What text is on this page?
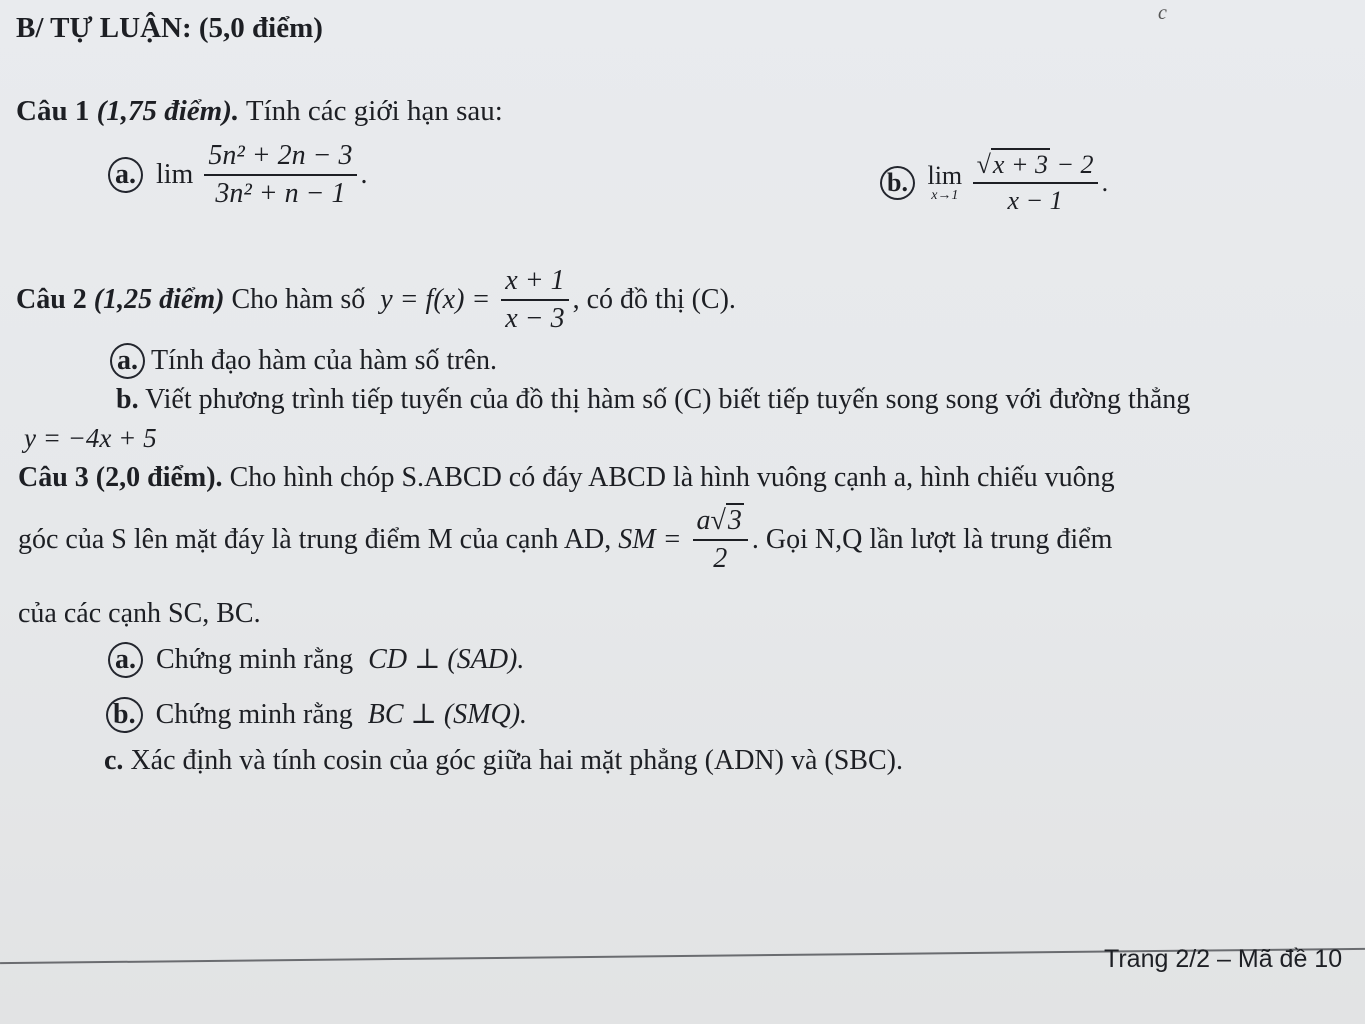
B/ TỰ LUẬN: (5,0 điểm)	c
Câu 1 (1,75 điểm). Tính các giới hạn sau:
a. $\lim \frac{\text{5n² + 2n − 3}}{\text{3n² + n − 1}}$ .	b. lim
x→1
$\frac{√x + 3 - 2}{x - 1}$ .
Câu 2 (1,25 điểm) Cho hàm số $y = f(x) = \frac{x + 1}{x - 3}$ , có đồ thị (C).
a. Tính đạo hàm của hàm số trên.
b. Viết phương trình tiếp tuyến của đồ thị hàm số (C) biết tiếp tuyến song song với đường thẳng
y = −4x + 5
Câu 3 (2,0 điểm). Cho hình chóp S.ABCD có đáy ABCD là hình vuông cạnh a, hình chiếu vuông
góc của S lên mặt đáy là trung điểm M của cạnh AD, SM = $\frac{a√3}{2}$ . Gọi N,Q lần lượt là trung điểm
của các cạnh SC, BC.
a. Chứng minh rằng CD ⊥ (SAD).
b. Chứng minh rằng BC ⊥ (SMQ).
c. Xác định và tính cosin của góc giữa hai mặt phẳng (ADN) và (SBC).
Trang 2/2 – Mã đề 10
